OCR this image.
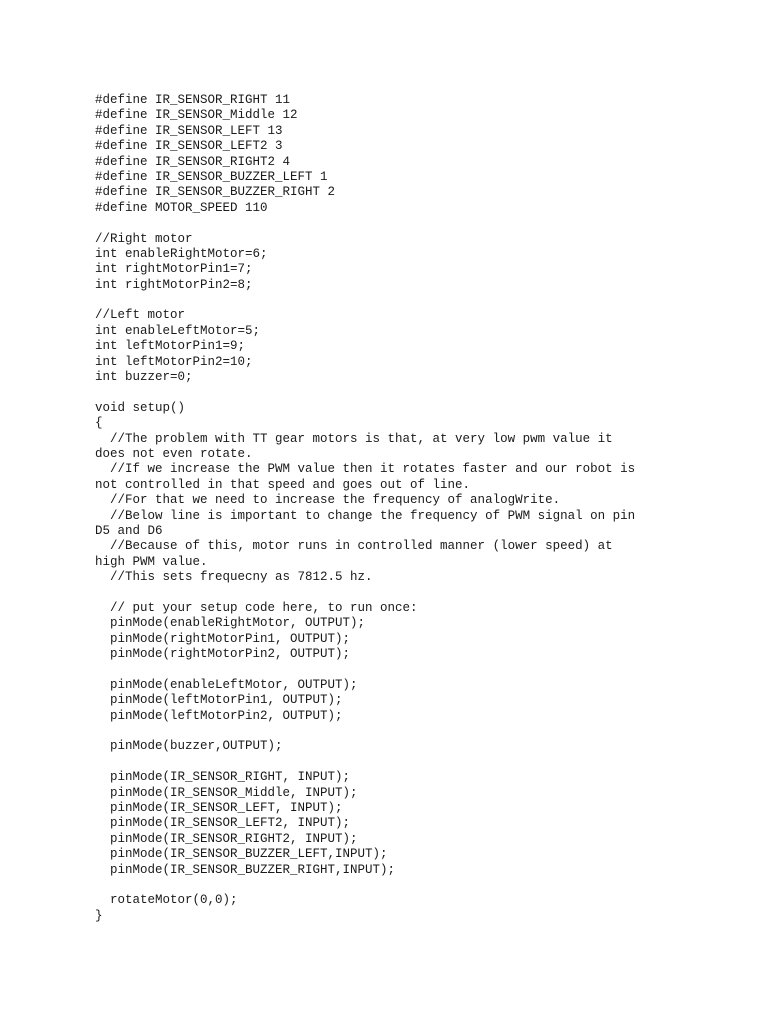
#define IR_SENSOR_RIGHT 11
#define IR_SENSOR_Middle 12
#define IR_SENSOR_LEFT 13
#define IR_SENSOR_LEFT2 3
#define IR_SENSOR_RIGHT2 4
#define IR_SENSOR_BUZZER_LEFT 1
#define IR_SENSOR_BUZZER_RIGHT 2
#define MOTOR_SPEED 110
//Right motor
int enableRightMotor=6;
int rightMotorPin1=7;
int rightMotorPin2=8;
//Left motor
int enableLeftMotor=5;
int leftMotorPin1=9;
int leftMotorPin2=10;
int buzzer=0;
void setup()
{
//The problem with TT gear motors is that, at very low pwm value it
does not even rotate.
//If we increase the PWM value then it rotates faster and our robot is
not controlled in that speed and goes out of line.
//For that we need to increase the frequency of analogWrite.
//Below line is important to change the frequency of PWM signal on pin
D5 and D6
//Because of this, motor runs in controlled manner (lower speed) at
high PWM value.
//This sets frequecny as 7812.5 hz.
// put your setup code here, to run once:
pinMode(enableRightMotor, OUTPUT);
pinMode(rightMotorPin1, OUTPUT);
pinMode(rightMotorPin2, OUTPUT);
pinMode(enableLeftMotor, OUTPUT);
pinMode(leftMotorPin1, OUTPUT);
pinMode(leftMotorPin2, OUTPUT);
pinMode(buzzer,OUTPUT);
pinMode(IR_SENSOR_RIGHT, INPUT);
pinMode(IR_SENSOR_Middle, INPUT);
pinMode(IR_SENSOR_LEFT, INPUT);
pinMode(IR_SENSOR_LEFT2, INPUT);
pinMode(IR_SENSOR_RIGHT2, INPUT);
pinMode(IR_SENSOR_BUZZER_LEFT,INPUT);
pinMode(IR_SENSOR_BUZZER_RIGHT,INPUT);
rotateMotor(0,0);
}
